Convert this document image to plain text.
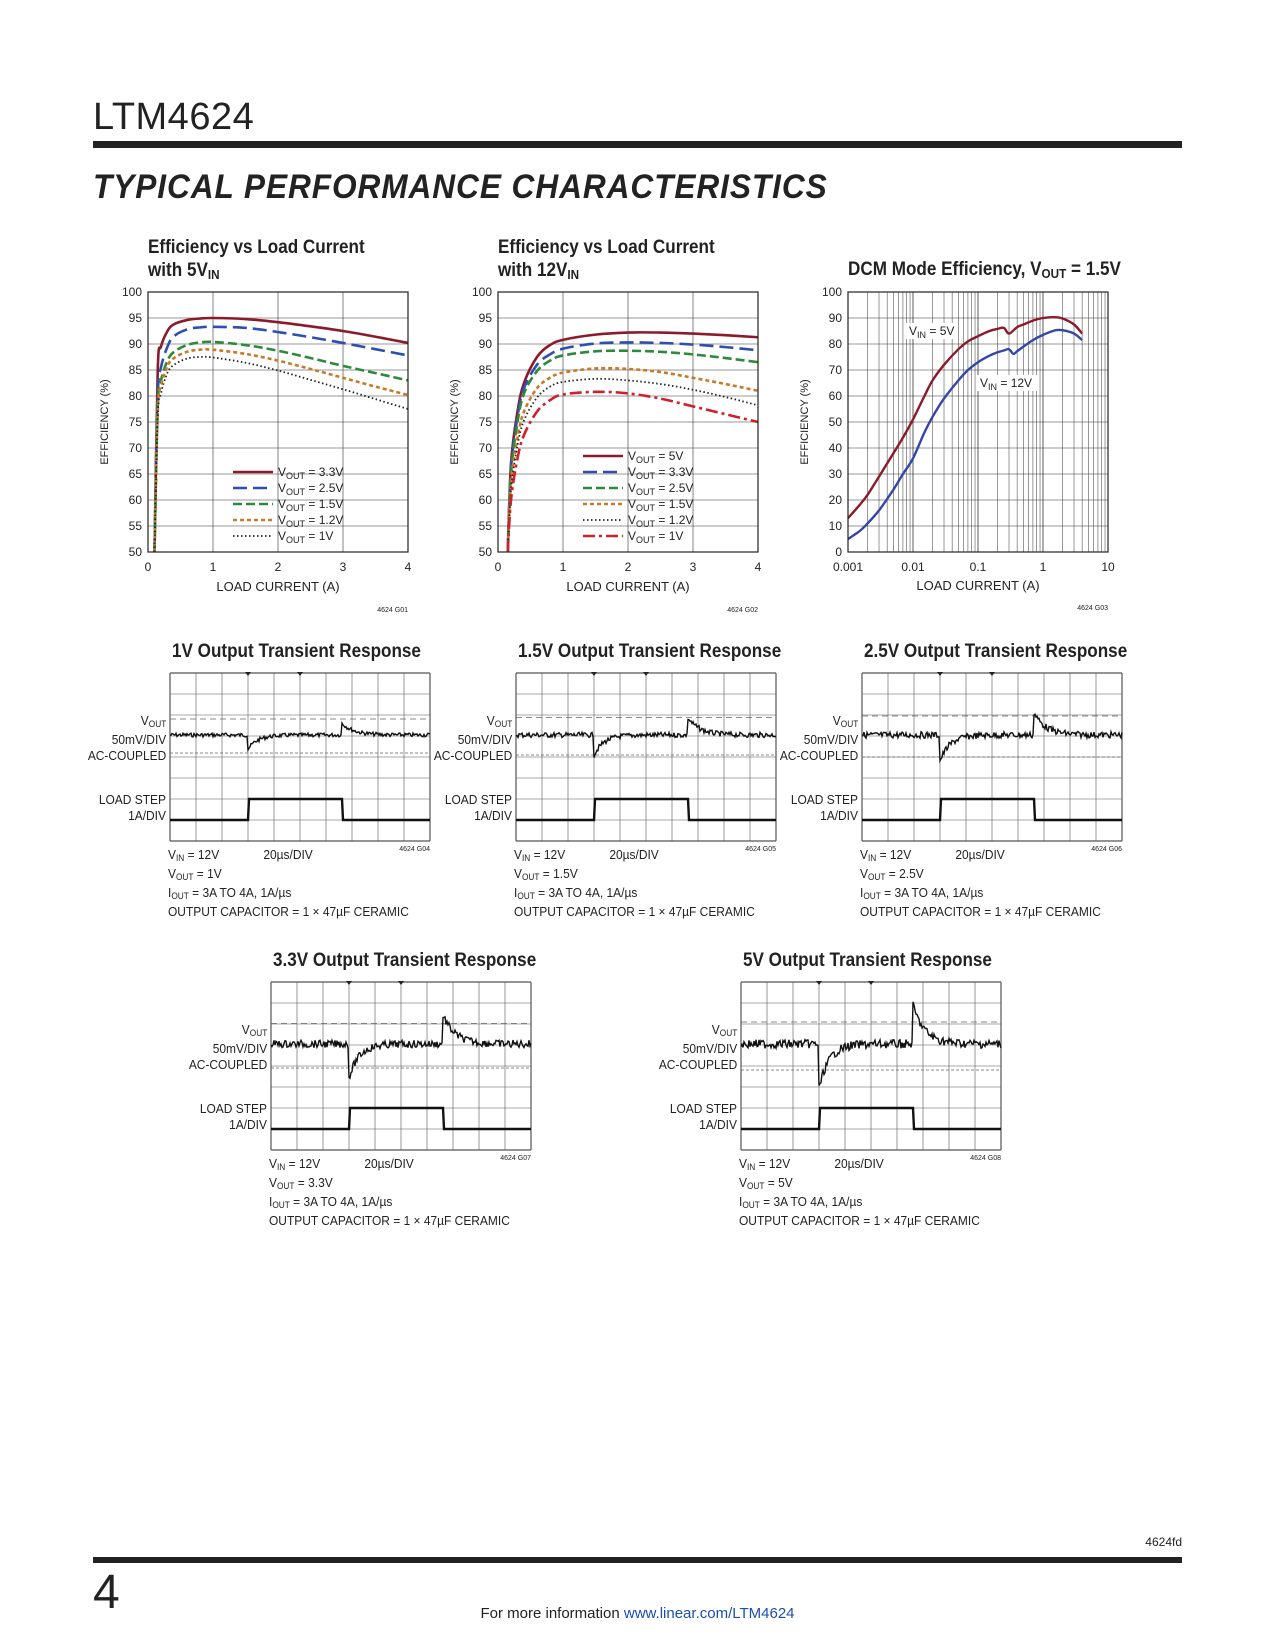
LTM4624
TYPICAL PERFORMANCE CHARACTERISTICS
Efficiency vs Load Current
with $5V_{IN}$
50
55
60
65
70
75
80
85
90
95
100
0	1	2	3	4
$V_{OUT} = 3.3V$
$V_{OUT} = 2.5V$
$V_{OUT} = 1.5V$
$V_{OUT} = 1.2V$
$V_{OUT} = 1V$
LOAD CURRENT (A)
EFFICIENCY (%)
4624 G01
Efficiency vs Load Current
with $12V_{IN}$
50
55
60
65
70
75
80
85
90
95
100
0	1	2	3	4
$V_{OUT} = 5V$
$V_{OUT} = 3.3V$
$V_{OUT} = 2.5V$
$V_{OUT} = 1.5V$
$V_{OUT} = 1.2V$
$V_{OUT} = 1V$
LOAD CURRENT (A)
EFFICIENCY (%)
4624 G02
DCM Mode Efficiency, $V_{OUT} = 1.5V$
0
10
20
30
40
50
60
70
80
90
100
0.001	0.01	0.1	1	10
$V_{IN} = 5V$
$V_{IN} = 12V$
LOAD CURRENT (A)
EFFICIENCY (%)
4624 G03
1V Output Transient Response
$V_{OUT}$
50mV/DIV
AC-COUPLED
LOAD STEP
1A/DIV
4624 G04
$V_{IN} = 12V$	20µs/DIV
$V_{OUT} = 1V$
$I_{OUT} = 3A$ TO 4A, 1A/µs
OUTPUT CAPACITOR = 1 × 47µF CERAMIC
1.5V Output Transient Response
$V_{OUT}$
50mV/DIV
AC-COUPLED
LOAD STEP
1A/DIV
4624 G05
$V_{IN} = 12V$	20µs/DIV
$V_{OUT} = 1.5V$
$I_{OUT} = 3A$ TO 4A, 1A/µs
OUTPUT CAPACITOR = 1 × 47µF CERAMIC
2.5V Output Transient Response
$V_{OUT}$
50mV/DIV
AC-COUPLED
LOAD STEP
1A/DIV
4624 G06
$V_{IN} = 12V$	20µs/DIV
$V_{OUT} = 2.5V$
$I_{OUT} = 3A$ TO 4A, 1A/µs
OUTPUT CAPACITOR = 1 × 47µF CERAMIC
3.3V Output Transient Response
$V_{OUT}$
50mV/DIV
AC-COUPLED
LOAD STEP
1A/DIV
4624 G07
$V_{IN} = 12V$	20µs/DIV
$V_{OUT} = 3.3V$
$I_{OUT} = 3A$ TO 4A, 1A/µs
OUTPUT CAPACITOR = 1 × 47µF CERAMIC
5V Output Transient Response
$V_{OUT}$
50mV/DIV
AC-COUPLED
LOAD STEP
1A/DIV
4624 G08
$V_{IN} = 12V$	20µs/DIV
$V_{OUT} = 5V$
$I_{OUT} = 3A$ TO 4A, 1A/µs
OUTPUT CAPACITOR = 1 × 47µF CERAMIC
4624fd
4	For more information www.linear.com/LTM4624
